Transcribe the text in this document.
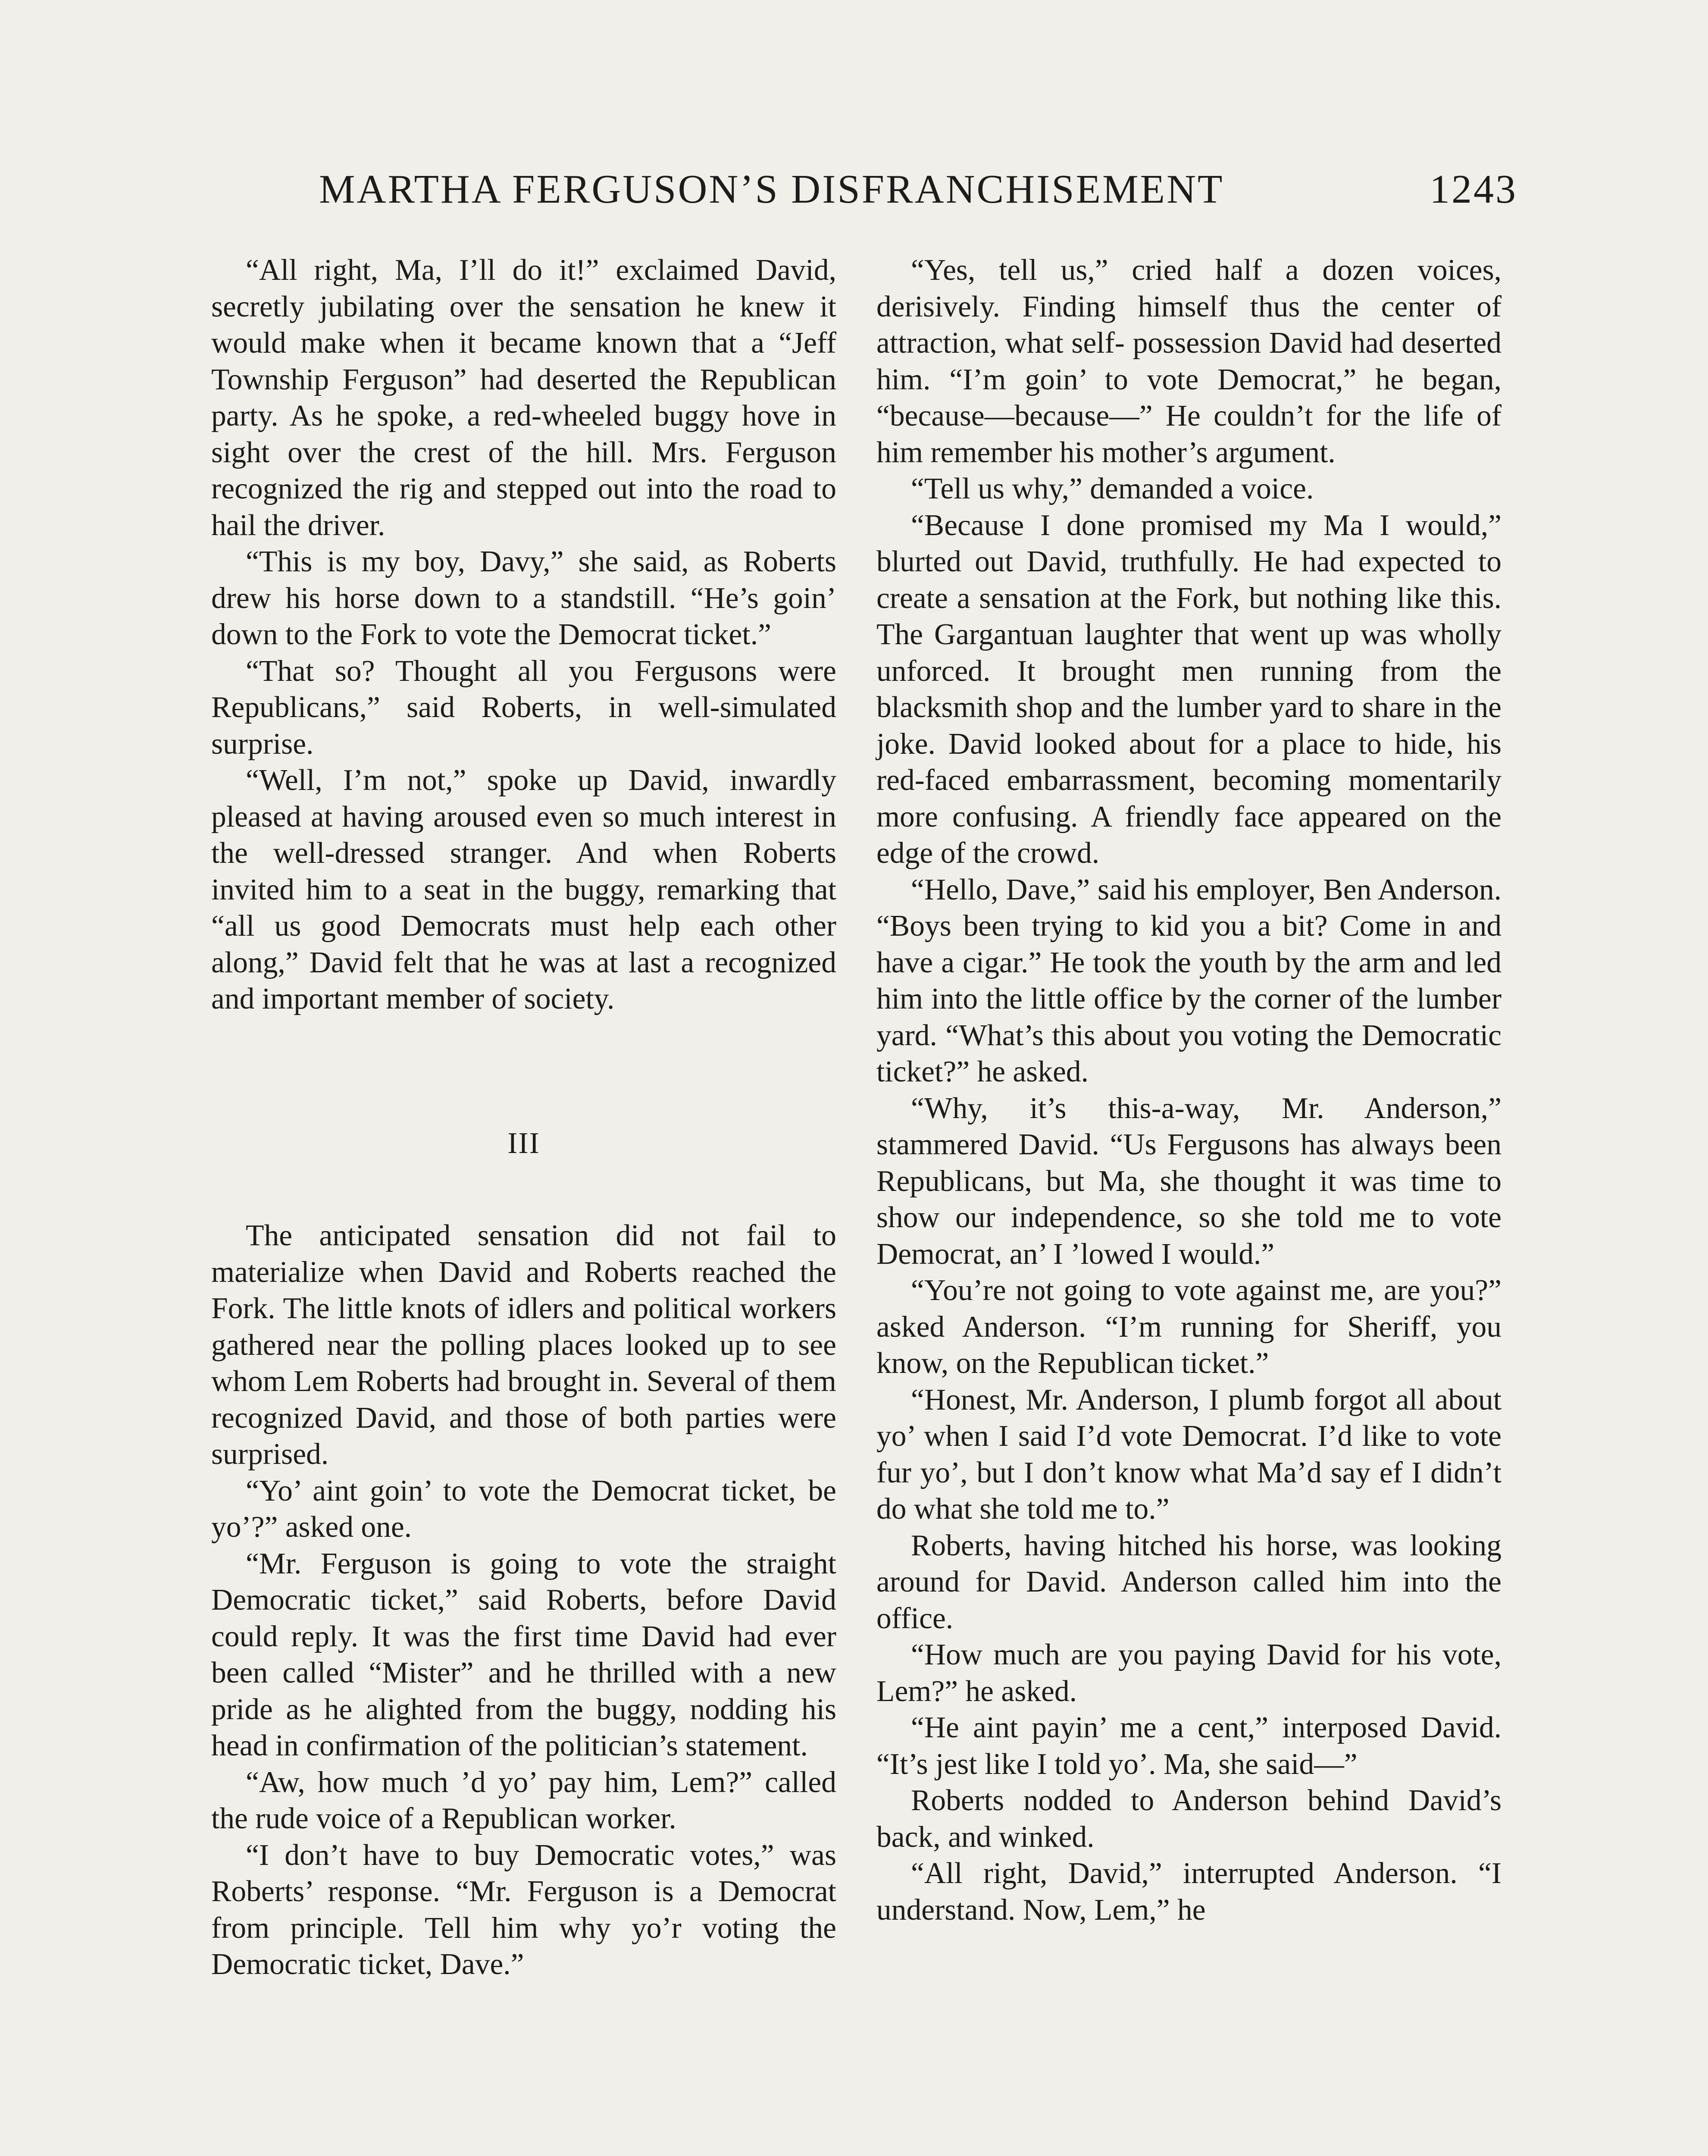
MARTHA FERGUSON’S DISFRANCHISEMENT	1243

“All right, Ma, I’ll do it!” exclaimed David, secretly jubilating over the sensation he knew it would make when it became known that a “Jeff Township Ferguson” had deserted the Republican party. As he spoke, a red-wheeled buggy hove in sight over the crest of the hill. Mrs. Ferguson recognized the rig and stepped out into the road to hail the driver.

“This is my boy, Davy,” she said, as Roberts drew his horse down to a standstill. “He’s goin’ down to the Fork to vote the Democrat ticket.”

“That so? Thought all you Fergusons were Republicans,” said Roberts, in well-simulated surprise.

“Well, I’m not,” spoke up David, inwardly pleased at having aroused even so much interest in the well-dressed stranger. And when Roberts invited him to a seat in the buggy, remarking that “all us good Democrats must help each other along,” David felt that he was at last a recognized and important member of society.

III

The anticipated sensation did not fail to materialize when David and Roberts reached the Fork. The little knots of idlers and political workers gathered near the polling places looked up to see whom Lem Roberts had brought in. Several of them recognized David, and those of both parties were surprised.

“Yo’ aint goin’ to vote the Democrat ticket, be yo’?” asked one.

“Mr. Ferguson is going to vote the straight Democratic ticket,” said Roberts, before David could reply. It was the first time David had ever been called “Mister” and he thrilled with a new pride as he alighted from the buggy, nodding his head in confirmation of the politician’s statement.

“Aw, how much ’d yo’ pay him, Lem?” called the rude voice of a Republican worker.

“I don’t have to buy Democratic votes,” was Roberts’ response. “Mr. Ferguson is a Democrat from principle. Tell him why yo’r voting the Democratic ticket, Dave.”

“Yes, tell us,” cried half a dozen voices, derisively. Finding himself thus the center of attraction, what self- possession David had deserted him. “I’m goin’ to vote Democrat,” he began, “because—because—” He couldn’t for the life of him remember his mother’s argument.

“Tell us why,” demanded a voice.

“Because I done promised my Ma I would,” blurted out David, truthfully. He had expected to create a sensation at the Fork, but nothing like this. The Gargantuan laughter that went up was wholly unforced. It brought men running from the blacksmith shop and the lumber yard to share in the joke. David looked about for a place to hide, his red-faced embarrassment, becoming momentarily more confusing. A friendly face appeared on the edge of the crowd.

“Hello, Dave,” said his employer, Ben Anderson. “Boys been trying to kid you a bit? Come in and have a cigar.” He took the youth by the arm and led him into the little office by the corner of the lumber yard. “What’s this about you voting the Democratic ticket?” he asked.

“Why, it’s this-a-way, Mr. Anderson,” stammered David. “Us Fergusons has always been Republicans, but Ma, she thought it was time to show our independence, so she told me to vote Democrat, an’ I ’lowed I would.”

“You’re not going to vote against me, are you?” asked Anderson. “I’m running for Sheriff, you know, on the Republican ticket.”

“Honest, Mr. Anderson, I plumb forgot all about yo’ when I said I’d vote Democrat. I’d like to vote fur yo’, but I don’t know what Ma’d say ef I didn’t do what she told me to.”

Roberts, having hitched his horse, was looking around for David. Anderson called him into the office.

“How much are you paying David for his vote, Lem?” he asked.

“He aint payin’ me a cent,” interposed David. “It’s jest like I told yo’. Ma, she said—”

Roberts nodded to Anderson behind David’s back, and winked.

“All right, David,” interrupted Anderson. “I understand. Now, Lem,” he
